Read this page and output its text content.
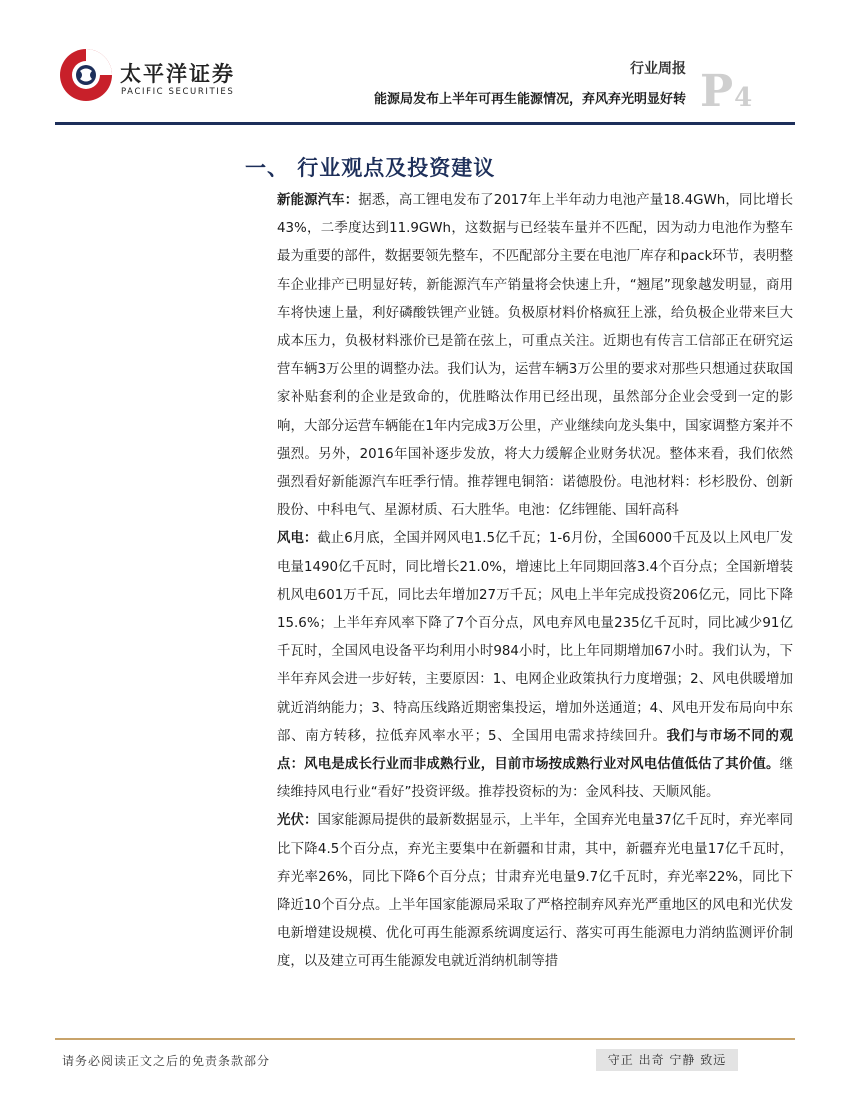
太平洋证券
PACIFIC SECURITIES
行业周报
能源局发布上半年可再生能源情况，弃风弃光明显好转 P4
一、 行业观点及投资建议

新能源汽车：据悉，高工锂电发布了2017年上半年动力电池产量18.4GWh，同比增长43%，二季度达到11.9GWh，这数据与已经装车量并不匹配，因为动力电池作为整车最为重要的部件，数据要领先整车，不匹配部分主要在电池厂库存和pack环节，表明整车企业排产已明显好转，新能源汽车产销量将会快速上升，“翘尾”现象越发明显，商用车将快速上量，利好磷酸铁锂产业链。负极原材料价格疯狂上涨，给负极企业带来巨大成本压力，负极材料涨价已是箭在弦上，可重点关注。近期也有传言工信部正在研究运营车辆3万公里的调整办法。我们认为，运营车辆3万公里的要求对那些只想通过获取国家补贴套利的企业是致命的，优胜略汰作用已经出现，虽然部分企业会受到一定的影响，大部分运营车辆能在1年内完成3万公里，产业继续向龙头集中，国家调整方案并不强烈。另外，2016年国补逐步发放，将大力缓解企业财务状况。整体来看，我们依然强烈看好新能源汽车旺季行情。推荐锂电铜箔：诺德股份。电池材料：杉杉股份、创新股份、中科电气、星源材质、石大胜华。电池：亿纬锂能、国轩高科

风电：截止6月底，全国并网风电1.5亿千瓦；1-6月份，全国6000千瓦及以上风电厂发电量1490亿千瓦时，同比增长21.0%，增速比上年同期回落3.4个百分点；全国新增装机风电601万千瓦，同比去年增加27万千瓦；风电上半年完成投资206亿元，同比下降15.6%；上半年弃风率下降了7个百分点，风电弃风电量235亿千瓦时，同比减少91亿千瓦时，全国风电设备平均利用小时984小时，比上年同期增加67小时。我们认为，下半年弃风会进一步好转，主要原因：1、电网企业政策执行力度增强；2、风电供暖增加就近消纳能力；3、特高压线路近期密集投运，增加外送通道；4、风电开发布局向中东部、南方转移，拉低弃风率水平；5、全国用电需求持续回升。我们与市场不同的观点：风电是成长行业而非成熟行业，目前市场按成熟行业对风电估值低估了其价值。继续维持风电行业“看好”投资评级。推荐投资标的为：金风科技、天顺风能。

光伏：国家能源局提供的最新数据显示，上半年，全国弃光电量37亿千瓦时，弃光率同比下降4.5个百分点，弃光主要集中在新疆和甘肃，其中，新疆弃光电量17亿千瓦时，弃光率26%，同比下降6个百分点；甘肃弃光电量9.7亿千瓦时，弃光率22%，同比下降近10个百分点。上半年国家能源局采取了严格控制弃风弃光严重地区的风电和光伏发电新增建设规模、优化可再生能源系统调度运行、落实可再生能源电力消纳监测评价制度，以及建立可再生能源发电就近消纳机制等措

请务必阅读正文之后的免责条款部分	守正 出奇 宁静 致远
